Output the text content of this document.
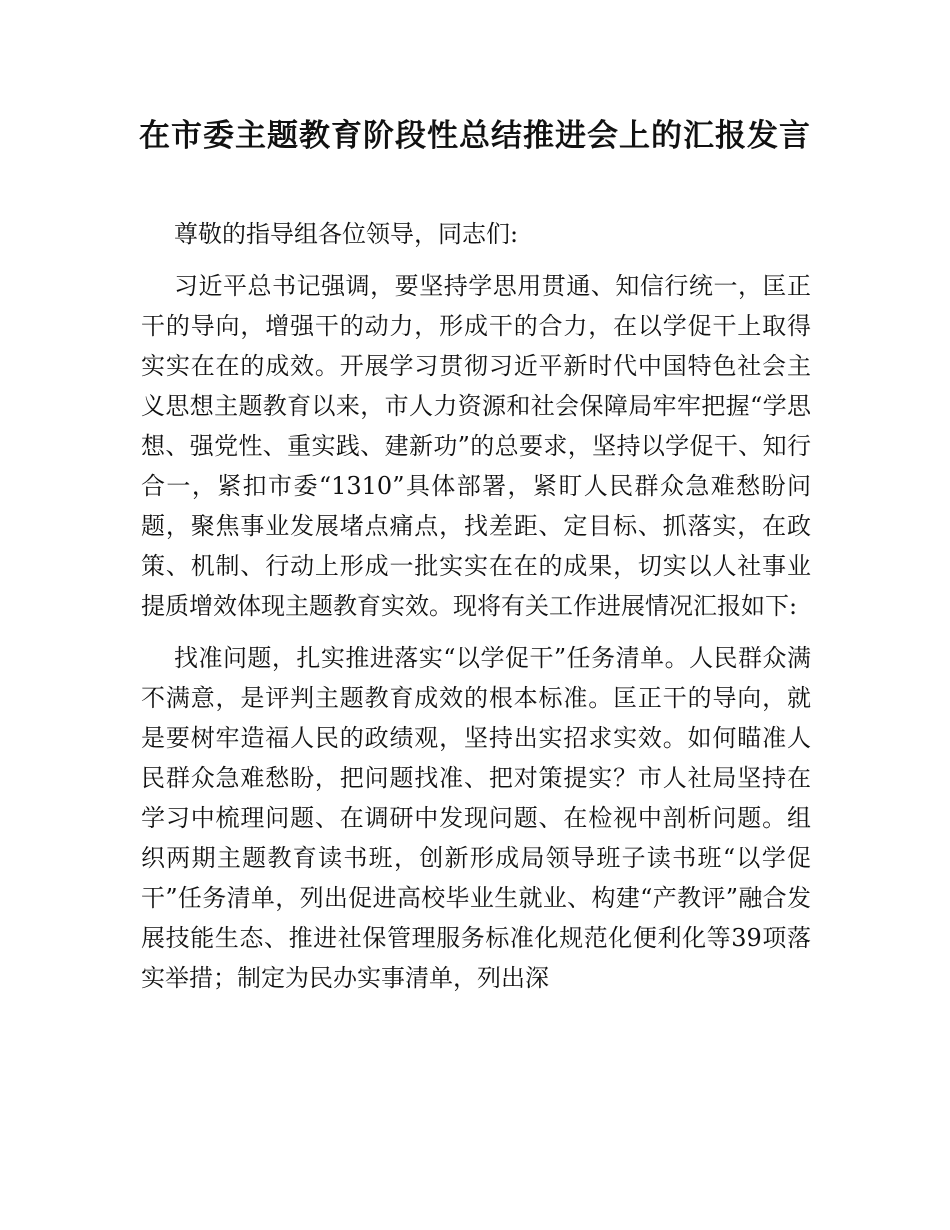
在市委主题教育阶段性总结推进会上的汇报发言

尊敬的指导组各位领导，同志们:

习近平总书记强调，要坚持学思用贯通、知信行统一，匡正干的导向，增强干的动力，形成干的合力，在以学促干上取得实实在在的成效。开展学习贯彻习近平新时代中国特色社会主义思想主题教育以来，市人力资源和社会保障局牢牢把握“学思想、强党性、重实践、建新功”的总要求，坚持以学促干、知行合一，紧扣市委“1310”具体部署，紧盯人民群众急难愁盼问题，聚焦事业发展堵点痛点，找差距、定目标、抓落实，在政策、机制、行动上形成一批实实在在的成果，切实以人社事业提质增效体现主题教育实效。现将有关工作进展情况汇报如下:

找准问题，扎实推进落实“以学促干”任务清单。人民群众满不满意，是评判主题教育成效的根本标准。匡正干的导向，就是要树牢造福人民的政绩观，坚持出实招求实效。如何瞄准人民群众急难愁盼，把问题找准、把对策提实？市人社局坚持在学习中梳理问题、在调研中发现问题、在检视中剖析问题。组织两期主题教育读书班，创新形成局领导班子读书班“以学促干”任务清单，列出促进高校毕业生就业、构建“产教评”融合发展技能生态、推进社保管理服务标准化规范化便利化等39项落实举措；制定为民办实事清单，列出深
